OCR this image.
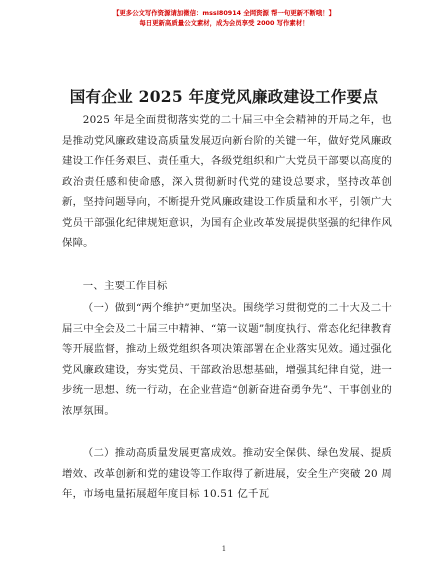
【更多公文写作资源请加微信：mssl80914 全网资源 帮一句更新不断哦！】
每日更新高质量公文素材，成为会员享受 2000 写作素材！
国有企业 2025 年度党风廉政建设工作要点
2025 年是全面贯彻落实党的二十届三中全会精神的开局之年，也是推动党风廉政建设高质量发展迈向新台阶的关键一年，做好党风廉政建设工作任务艰巨、责任重大，各级党组织和广大党员干部要以高度的政治责任感和使命感，深入贯彻新时代党的建设总要求，坚持改革创新，坚持问题导向，不断提升党风廉政建设工作质量和水平，引领广大党员干部强化纪律规矩意识，为国有企业改革发展提供坚强的纪律作风保障。
一、主要工作目标
（一）做到“两个维护”更加坚决。围绕学习贯彻党的二十大及二十届三中全会及二十届三中精神、“第一议题”制度执行、常态化纪律教育等开展监督，推动上级党组织各项决策部署在企业落实见效。通过强化党风廉政建设，夯实党员、干部政治思想基础，增强其纪律自觉，进一步统一思想、统一行动，在企业营造“创新奋进奋勇争先”、干事创业的浓厚氛围。
（二）推动高质量发展更富成效。推动安全保供、绿色发展、提质增效、改革创新和党的建设等工作取得了新进展，安全生产突破 20 周年，市场电量拓展超年度目标 10.51 亿千瓦
1
